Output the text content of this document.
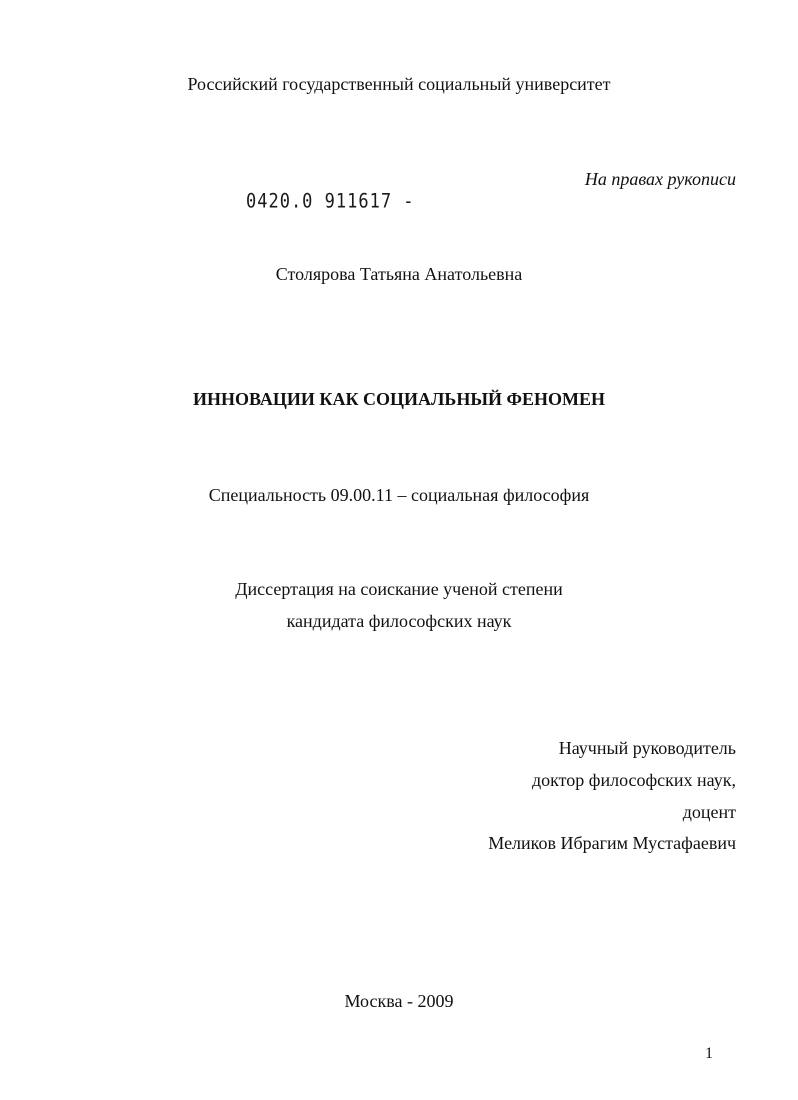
Российский государственный социальный университет
На правах рукописи
0420.0 911617 -
Столярова Татьяна Анатольевна
ИННОВАЦИИ КАК СОЦИАЛЬНЫЙ ФЕНОМЕН
Специальность 09.00.11 – социальная философия
Диссертация на соискание ученой степени
кандидата философских наук
Научный руководитель
доктор философских наук,
доцент
Меликов Ибрагим Мустафаевич
Москва - 2009
1
